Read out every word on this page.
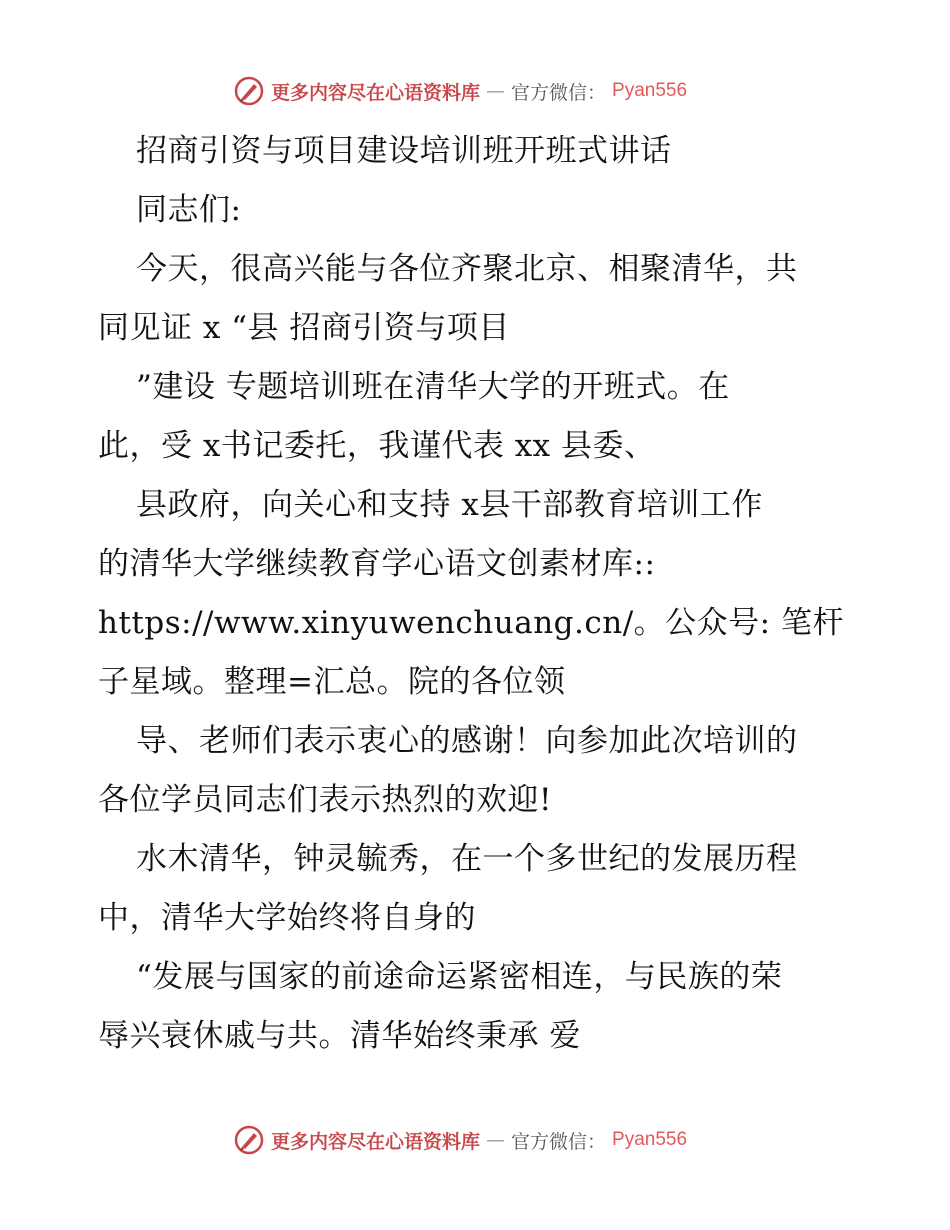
更多内容尽在心语资料库 — 官方微信： Pyan556
招商引资与项目建设培训班开班式讲话
同志们:
今天，很高兴能与各位齐聚北京、相聚清华，共
同见证 x “县 招商引资与项目
”建设 专题培训班在清华大学的开班式。在
此，受 x书记委托，我谨代表 xx 县委、
县政府，向关心和支持 x县干部教育培训工作
的清华大学继续教育学心语文创素材库::
https://www.xinyuwenchuang.cn/。公众号: 笔杆
子星域。整理=汇总。院的各位领
导、老师们表示衷心的感谢！向参加此次培训的
各位学员同志们表示热烈的欢迎!
水木清华，钟灵毓秀，在一个多世纪的发展历程
中，清华大学始终将自身的
“发展与国家的前途命运紧密相连，与民族的荣
辱兴衰休戚与共。清华始终秉承 爱
更多内容尽在心语资料库 — 官方微信： Pyan556
